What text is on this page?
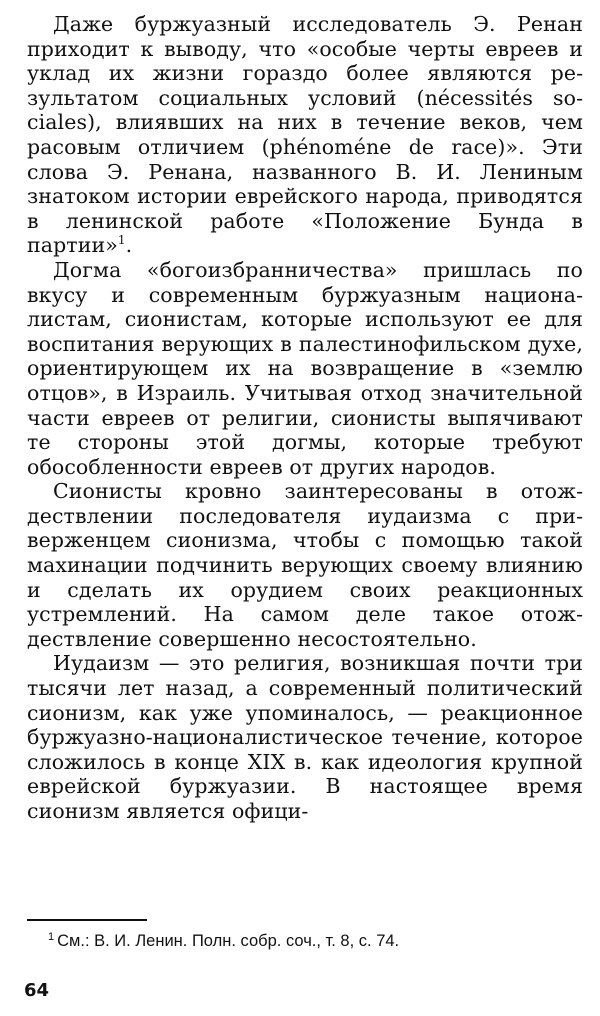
Даже буржуазный исследователь Э. Ренан приходит к выводу, что «особые черты евреев и уклад их жизни гораздо более являются результатом социальных условий (nécessités sociales), влиявших на них в течение веков, чем расовым отличием (phénoméne de race)». Эти слова Э. Ренана, названного В. И. Лениным знатоком истории еврейского народа, приводятся в ленинской работе «Положение Бунда в партии»$^1$.

Догма «богоизбранничества» пришлась по вкусу и современным буржуазным националистам, сионистам, которые используют ее для воспитания верующих в палестинофильском духе, ориентирующем их на возвращение в «землю отцов», в Израиль. Учитывая отход значительной части евреев от религии, сионисты выпячивают те стороны этой догмы, которые требуют обособленности евреев от других народов.

Сионисты кровно заинтересованы в отождествлении последователя иудаизма с приверженцем сионизма, чтобы с помощью такой махинации подчинить верующих своему влиянию и сделать их орудием своих реакционных устремлений. На самом деле такое отождествление совершенно несостоятельно.

Иудаизм — это религия, возникшая почти три тысячи лет назад, а современный политический сионизм, как уже упоминалось, — реакционное буржуазно-националистическое течение, которое сложилось в конце XIX в. как идеология крупной еврейской буржуазии. В настоящее время сионизм является офици-

$^1$ См.: В. И. Ленин. Полн. собр. соч., т. 8, с. 74.
64
